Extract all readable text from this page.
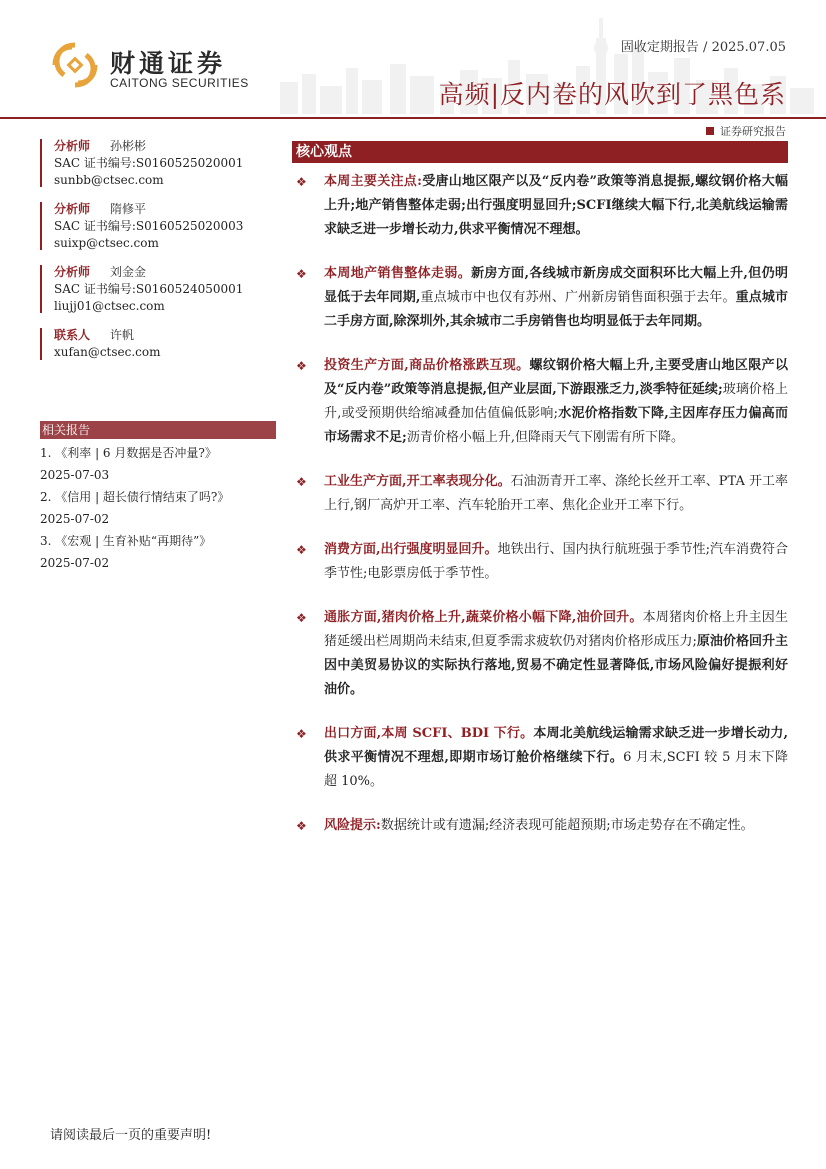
财通证券
CAITONG SECURITIES
固收定期报告 / 2025.07.05
高频|反内卷的风吹到了黑色系
证券研究报告
分析师 孙彬彬
SAC 证书编号:S0160525020001
sunbb@ctsec.com
分析师 隋修平
SAC 证书编号:S0160525020003
suixp@ctsec.com
分析师 刘金金
SAC 证书编号:S0160524050001
liujj01@ctsec.com
联系人 许帆
xufan@ctsec.com
相关报告
1. 《利率 | 6 月数据是否冲量?》
2025-07-03
2. 《信用 | 超长债行情结束了吗?》
2025-07-02
3. 《宏观 | 生育补贴“再期待”》
2025-07-02
核心观点
❖ 本周主要关注点:受唐山地区限产以及“反内卷”政策等消息提振,螺纹钢价格大幅上升;地产销售整体走弱;出行强度明显回升;SCFI继续大幅下行,北美航线运输需求缺乏进一步增长动力,供求平衡情况不理想。
❖ 本周地产销售整体走弱。新房方面,各线城市新房成交面积环比大幅上升,但仍明显低于去年同期,重点城市中也仅有苏州、广州新房销售面积强于去年。重点城市二手房方面,除深圳外,其余城市二手房销售也均明显低于去年同期。
❖ 投资生产方面,商品价格涨跌互现。螺纹钢价格大幅上升,主要受唐山地区限产以及“反内卷”政策等消息提振,但产业层面,下游跟涨乏力,淡季特征延续;玻璃价格上升,或受预期供给缩减叠加估值偏低影响;水泥价格指数下降,主因库存压力偏高而市场需求不足;沥青价格小幅上升,但降雨天气下刚需有所下降。
❖ 工业生产方面,开工率表现分化。石油沥青开工率、涤纶长丝开工率、PTA 开工率上行,钢厂高炉开工率、汽车轮胎开工率、焦化企业开工率下行。
❖ 消费方面,出行强度明显回升。地铁出行、国内执行航班强于季节性;汽车消费符合季节性;电影票房低于季节性。
❖ 通胀方面,猪肉价格上升,蔬菜价格小幅下降,油价回升。本周猪肉价格上升主因生猪延缓出栏周期尚未结束,但夏季需求疲软仍对猪肉价格形成压力;原油价格回升主因中美贸易协议的实际执行落地,贸易不确定性显著降低,市场风险偏好提振利好油价。
❖ 出口方面,本周 SCFI、BDI 下行。本周北美航线运输需求缺乏进一步增长动力,供求平衡情况不理想,即期市场订舱价格继续下行。6 月末,SCFI 较 5 月末下降超 10%。
❖ 风险提示:数据统计或有遗漏;经济表现可能超预期;市场走势存在不确定性。
请阅读最后一页的重要声明!
